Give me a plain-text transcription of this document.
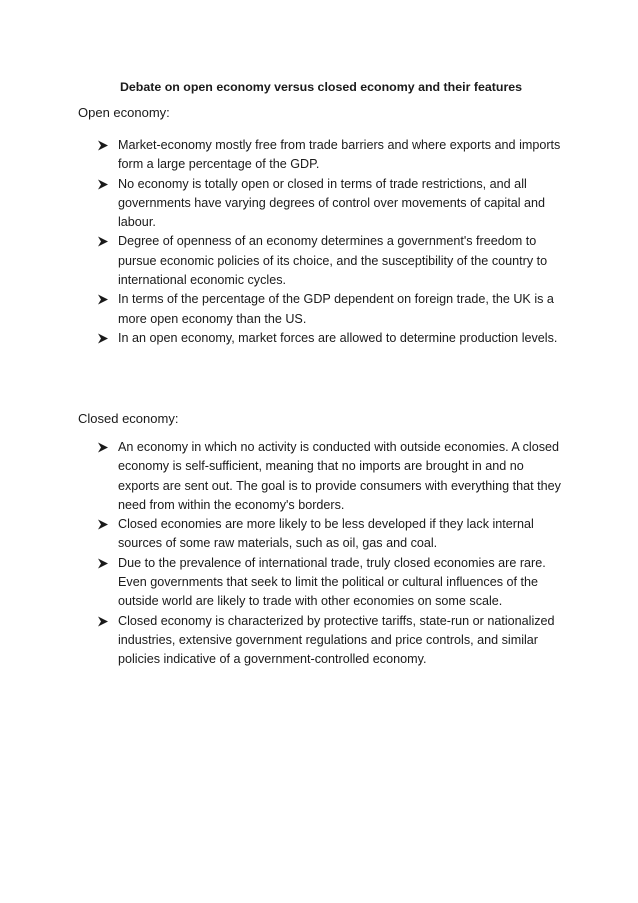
Debate on open economy versus closed economy and their features
Open economy:
Market-economy mostly free from trade barriers and where exports and imports form a large percentage of the GDP.
No economy is totally open or closed in terms of trade restrictions, and all governments have varying degrees of control over movements of capital and labour.
Degree of openness of an economy determines a government's freedom to pursue economic policies of its choice, and the susceptibility of the country to international economic cycles.
In terms of the percentage of the GDP dependent on foreign trade, the UK is a more open economy than the US.
In an open economy, market forces are allowed to determine production levels.
Closed economy:
An economy in which no activity is conducted with outside economies. A closed economy is self-sufficient, meaning that no imports are brought in and no exports are sent out. The goal is to provide consumers with everything that they need from within the economy's borders.
Closed economies are more likely to be less developed if they lack internal sources of some raw materials, such as oil, gas and coal.
Due to the prevalence of international trade, truly closed economies are rare. Even governments that seek to limit the political or cultural influences of the outside world are likely to trade with other economies on some scale.
Closed economy is characterized by protective tariffs, state-run or nationalized industries, extensive government regulations and price controls, and similar policies indicative of a government-controlled economy.
